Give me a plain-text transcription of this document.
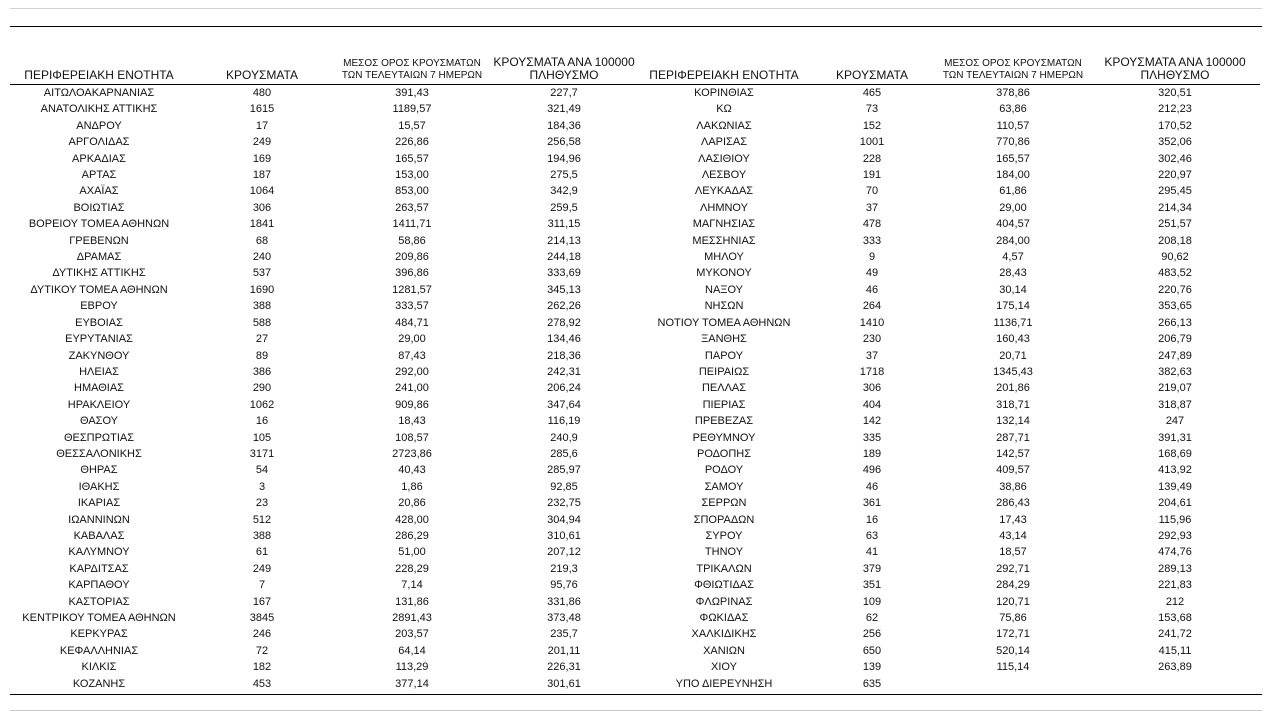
ΠΕΡΙΦΕΡΕΙΑΚΗ ΕΝΟΤΗΤΑ	ΚΡΟΥΣΜΑΤΑ	ΜΕΣΟΣ ΟΡΟΣ ΚΡΟΥΣΜΑΤΩΝ ΤΩΝ ΤΕΛΕΥΤΑΙΩΝ 7 ΗΜΕΡΩΝ	ΚΡΟΥΣΜΑΤΑ ΑΝΑ 100000 ΠΛΗΘΥΣΜΟ	ΠΕΡΙΦΕΡΕΙΑΚΗ ΕΝΟΤΗΤΑ	ΚΡΟΥΣΜΑΤΑ	ΜΕΣΟΣ ΟΡΟΣ ΚΡΟΥΣΜΑΤΩΝ ΤΩΝ ΤΕΛΕΥΤΑΙΩΝ 7 ΗΜΕΡΩΝ	ΚΡΟΥΣΜΑΤΑ ΑΝΑ 100000 ΠΛΗΘΥΣΜΟ
ΑΙΤΩΛΟΑΚΑΡΝΑΝΙΑΣ	480	391,43	227,7	ΚΟΡΙΝΘΙΑΣ	465	378,86	320,51
ΑΝΑΤΟΛΙΚΗΣ ΑΤΤΙΚΗΣ	1615	1189,57	321,49	ΚΩ	73	63,86	212,23
ΑΝΔΡΟΥ	17	15,57	184,36	ΛΑΚΩΝΙΑΣ	152	110,57	170,52
ΑΡΓΟΛΙΔΑΣ	249	226,86	256,58	ΛΑΡΙΣΑΣ	1001	770,86	352,06
ΑΡΚΑΔΙΑΣ	169	165,57	194,96	ΛΑΣΙΘΙΟΥ	228	165,57	302,46
ΑΡΤΑΣ	187	153,00	275,5	ΛΕΣΒΟΥ	191	184,00	220,97
ΑΧΑΪΑΣ	1064	853,00	342,9	ΛΕΥΚΑΔΑΣ	70	61,86	295,45
ΒΟΙΩΤΙΑΣ	306	263,57	259,5	ΛΗΜΝΟΥ	37	29,00	214,34
ΒΟΡΕΙΟΥ ΤΟΜΕΑ ΑΘΗΝΩΝ	1841	1411,71	311,15	ΜΑΓΝΗΣΙΑΣ	478	404,57	251,57
ΓΡΕΒΕΝΩΝ	68	58,86	214,13	ΜΕΣΣΗΝΙΑΣ	333	284,00	208,18
ΔΡΑΜΑΣ	240	209,86	244,18	ΜΗΛΟΥ	9	4,57	90,62
ΔΥΤΙΚΗΣ ΑΤΤΙΚΗΣ	537	396,86	333,69	ΜΥΚΟΝΟΥ	49	28,43	483,52
ΔΥΤΙΚΟΥ ΤΟΜΕΑ ΑΘΗΝΩΝ	1690	1281,57	345,13	ΝΑΞΟΥ	46	30,14	220,76
ΕΒΡΟΥ	388	333,57	262,26	ΝΗΣΩΝ	264	175,14	353,65
ΕΥΒΟΙΑΣ	588	484,71	278,92	ΝΟΤΙΟΥ ΤΟΜΕΑ ΑΘΗΝΩΝ	1410	1136,71	266,13
ΕΥΡΥΤΑΝΙΑΣ	27	29,00	134,46	ΞΑΝΘΗΣ	230	160,43	206,79
ΖΑΚΥΝΘΟΥ	89	87,43	218,36	ΠΑΡΟΥ	37	20,71	247,89
ΗΛΕΙΑΣ	386	292,00	242,31	ΠΕΙΡΑΙΩΣ	1718	1345,43	382,63
ΗΜΑΘΙΑΣ	290	241,00	206,24	ΠΕΛΛΑΣ	306	201,86	219,07
ΗΡΑΚΛΕΙΟΥ	1062	909,86	347,64	ΠΙΕΡΙΑΣ	404	318,71	318,87
ΘΑΣΟΥ	16	18,43	116,19	ΠΡΕΒΕΖΑΣ	142	132,14	247
ΘΕΣΠΡΩΤΙΑΣ	105	108,57	240,9	ΡΕΘΥΜΝΟΥ	335	287,71	391,31
ΘΕΣΣΑΛΟΝΙΚΗΣ	3171	2723,86	285,6	ΡΟΔΟΠΗΣ	189	142,57	168,69
ΘΗΡΑΣ	54	40,43	285,97	ΡΟΔΟΥ	496	409,57	413,92
ΙΘΑΚΗΣ	3	1,86	92,85	ΣΑΜΟΥ	46	38,86	139,49
ΙΚΑΡΙΑΣ	23	20,86	232,75	ΣΕΡΡΩΝ	361	286,43	204,61
ΙΩΑΝΝΙΝΩΝ	512	428,00	304,94	ΣΠΟΡΑΔΩΝ	16	17,43	115,96
ΚΑΒΑΛΑΣ	388	286,29	310,61	ΣΥΡΟΥ	63	43,14	292,93
ΚΑΛΥΜΝΟΥ	61	51,00	207,12	ΤΗΝΟΥ	41	18,57	474,76
ΚΑΡΔΙΤΣΑΣ	249	228,29	219,3	ΤΡΙΚΑΛΩΝ	379	292,71	289,13
ΚΑΡΠΑΘΟΥ	7	7,14	95,76	ΦΘΙΩΤΙΔΑΣ	351	284,29	221,83
ΚΑΣΤΟΡΙΑΣ	167	131,86	331,86	ΦΛΩΡΙΝΑΣ	109	120,71	212
ΚΕΝΤΡΙΚΟΥ ΤΟΜΕΑ ΑΘΗΝΩΝ	3845	2891,43	373,48	ΦΩΚΙΔΑΣ	62	75,86	153,68
ΚΕΡΚΥΡΑΣ	246	203,57	235,7	ΧΑΛΚΙΔΙΚΗΣ	256	172,71	241,72
ΚΕΦΑΛΛΗΝΙΑΣ	72	64,14	201,11	ΧΑΝΙΩΝ	650	520,14	415,11
ΚΙΛΚΙΣ	182	113,29	226,31	ΧΙΟΥ	139	115,14	263,89
ΚΟΖΑΝΗΣ	453	377,14	301,61	ΥΠΟ ΔΙΕΡΕΥΝΗΣΗ	635		
